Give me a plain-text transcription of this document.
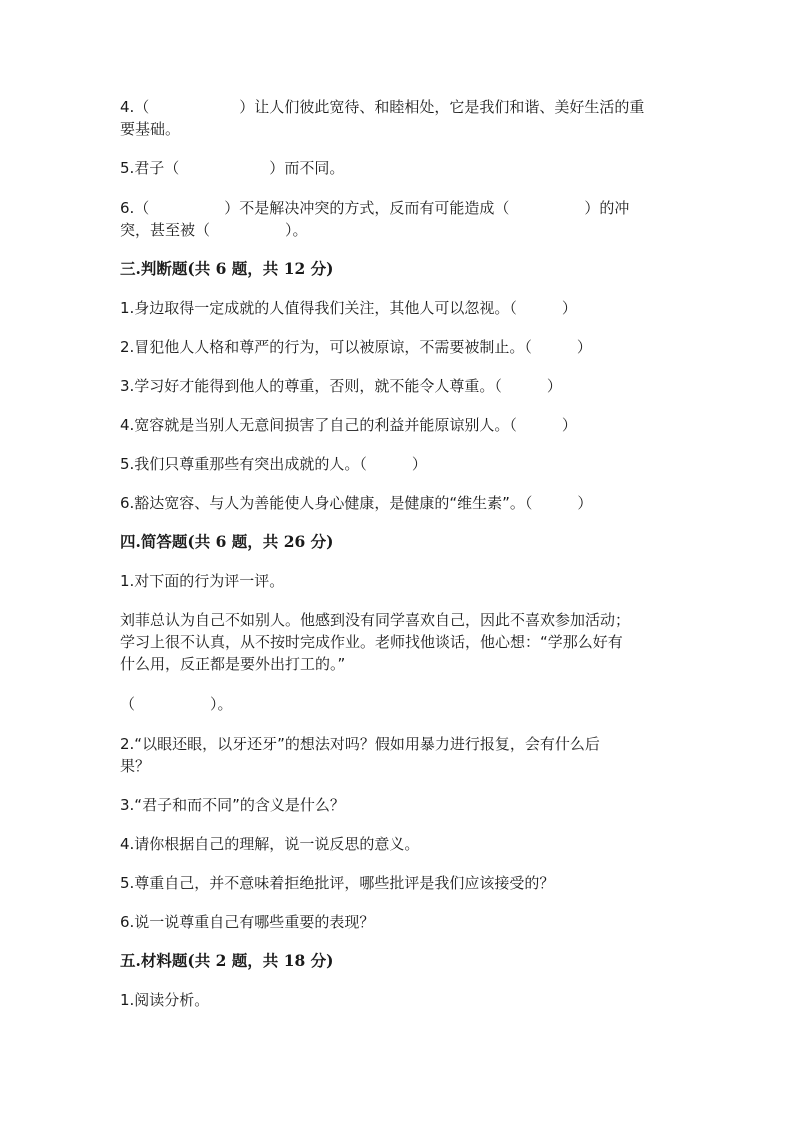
4.（　　　　　　）让人们彼此宽待、和睦相处，它是我们和谐、美好生活的重

要基础。

5.君子（　　　　　　）而不同。

6.（　　　　　）不是解决冲突的方式，反而有可能造成（　　　　　）的冲

突，甚至被（　　　　　）。

三.判断题(共 6 题，共 12 分)

1.身边取得一定成就的人值得我们关注，其他人可以忽视。（　　　）

2.冒犯他人人格和尊严的行为，可以被原谅，不需要被制止。（　　　）

3.学习好才能得到他人的尊重，否则，就不能令人尊重。（　　　）

4.宽容就是当别人无意间损害了自己的利益并能原谅别人。（　　　）

5.我们只尊重那些有突出成就的人。（　　　）

6.豁达宽容、与人为善能使人身心健康，是健康的“维生素”。（　　　）

四.简答题(共 6 题，共 26 分)

1.对下面的行为评一评。

刘菲总认为自己不如别人。他感到没有同学喜欢自己，因此不喜欢参加活动；

学习上很不认真，从不按时完成作业。老师找他谈话，他心想：“学那么好有

什么用，反正都是要外出打工的。”

（　　　　　）。

2.“以眼还眼，以牙还牙”的想法对吗？假如用暴力进行报复，会有什么后

果？

3.“君子和而不同”的含义是什么？

4.请你根据自己的理解，说一说反思的意义。

5.尊重自己，并不意味着拒绝批评，哪些批评是我们应该接受的？

6.说一说尊重自己有哪些重要的表现？

五.材料题(共 2 题，共 18 分)

1.阅读分析。
